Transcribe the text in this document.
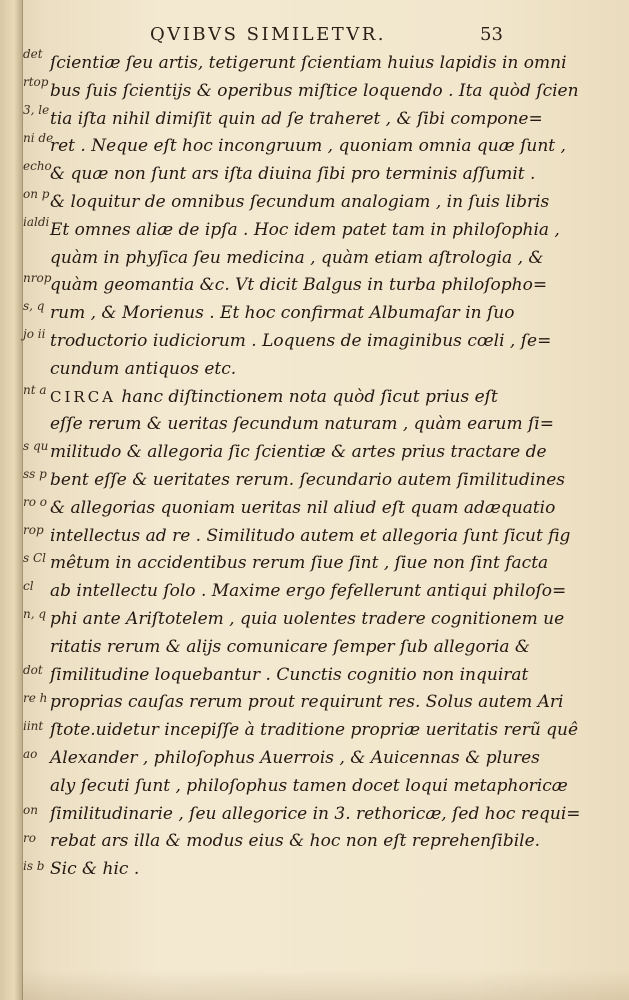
det
rtop
3, le
ni de
echo
on p
ialdi
nrop
s, q
jo ii
nt a
s qu
ss p
ro o
rop
s Cl
cl
n, q
dot
re h
iint
ao
on
ro
is b
QVIBVS SIMILETVR.	53
ſcientiæ ſeu artis, tetigerunt ſcientiam huius lapidis in omni
bus ſuis ſcientijs & operibus miſtice loquendo . Ita quòd ſcien
tia iſta nihil dimiſit quin ad ſe traheret , & ſibi compone=
ret . Neque eſt hoc incongruum , quoniam omnia quæ ſunt ,
& quæ non ſunt ars iſta diuina ſibi pro terminis aſſumit .
& loquitur de omnibus ſecundum analogiam , in ſuis libris
Et omnes aliæ de ipſa . Hoc idem patet tam in philoſophia ,
quàm in phyſica ſeu medicina , quàm etiam aſtrologia , &
quàm geomantia &c. Vt dicit Balgus in turba philoſopho=
rum , & Morienus . Et hoc confirmat Albumaſar in ſuo
troductorio iudiciorum . Loquens de imaginibus cœli , ſe=
cundum antiquos etc.
CIRCA hanc diſtinctionem nota quòd ſicut prius eſt
eſſe rerum & ueritas ſecundum naturam , quàm earum ſi=
militudo & allegoria ſic ſcientiæ & artes prius tractare de
bent eſſe & ueritates rerum. ſecundario autem ſimilitudines
& allegorias quoniam ueritas nil aliud eſt quam adæquatio
intellectus ad re . Similitudo autem et allegoria ſunt ſicut fig
mêtum in accidentibus rerum ſiue ſint , ſiue non ſint facta
ab intellectu ſolo . Maxime ergo fefellerunt antiqui philoſo=
phi ante Ariſtotelem , quia uolentes tradere cognitionem ue
ritatis rerum & alijs comunicare ſemper ſub allegoria &
ſimilitudine loquebantur . Cunctis cognitio non inquirat
proprias cauſas rerum prout requirunt res. Solus autem Ari
ſtote.uidetur incepiſſe à traditione propriæ ueritatis rerũ quê
Alexander , philoſophus Auerrois , & Auicennas & plures
aly ſecuti ſunt , philoſophus tamen docet loqui metaphoricæ
ſimilitudinarie , ſeu allegorice in 3. rethoricæ, ſed hoc requi=
rebat ars illa & modus eius & hoc non eſt reprehenſibile.
Sic & hic .
